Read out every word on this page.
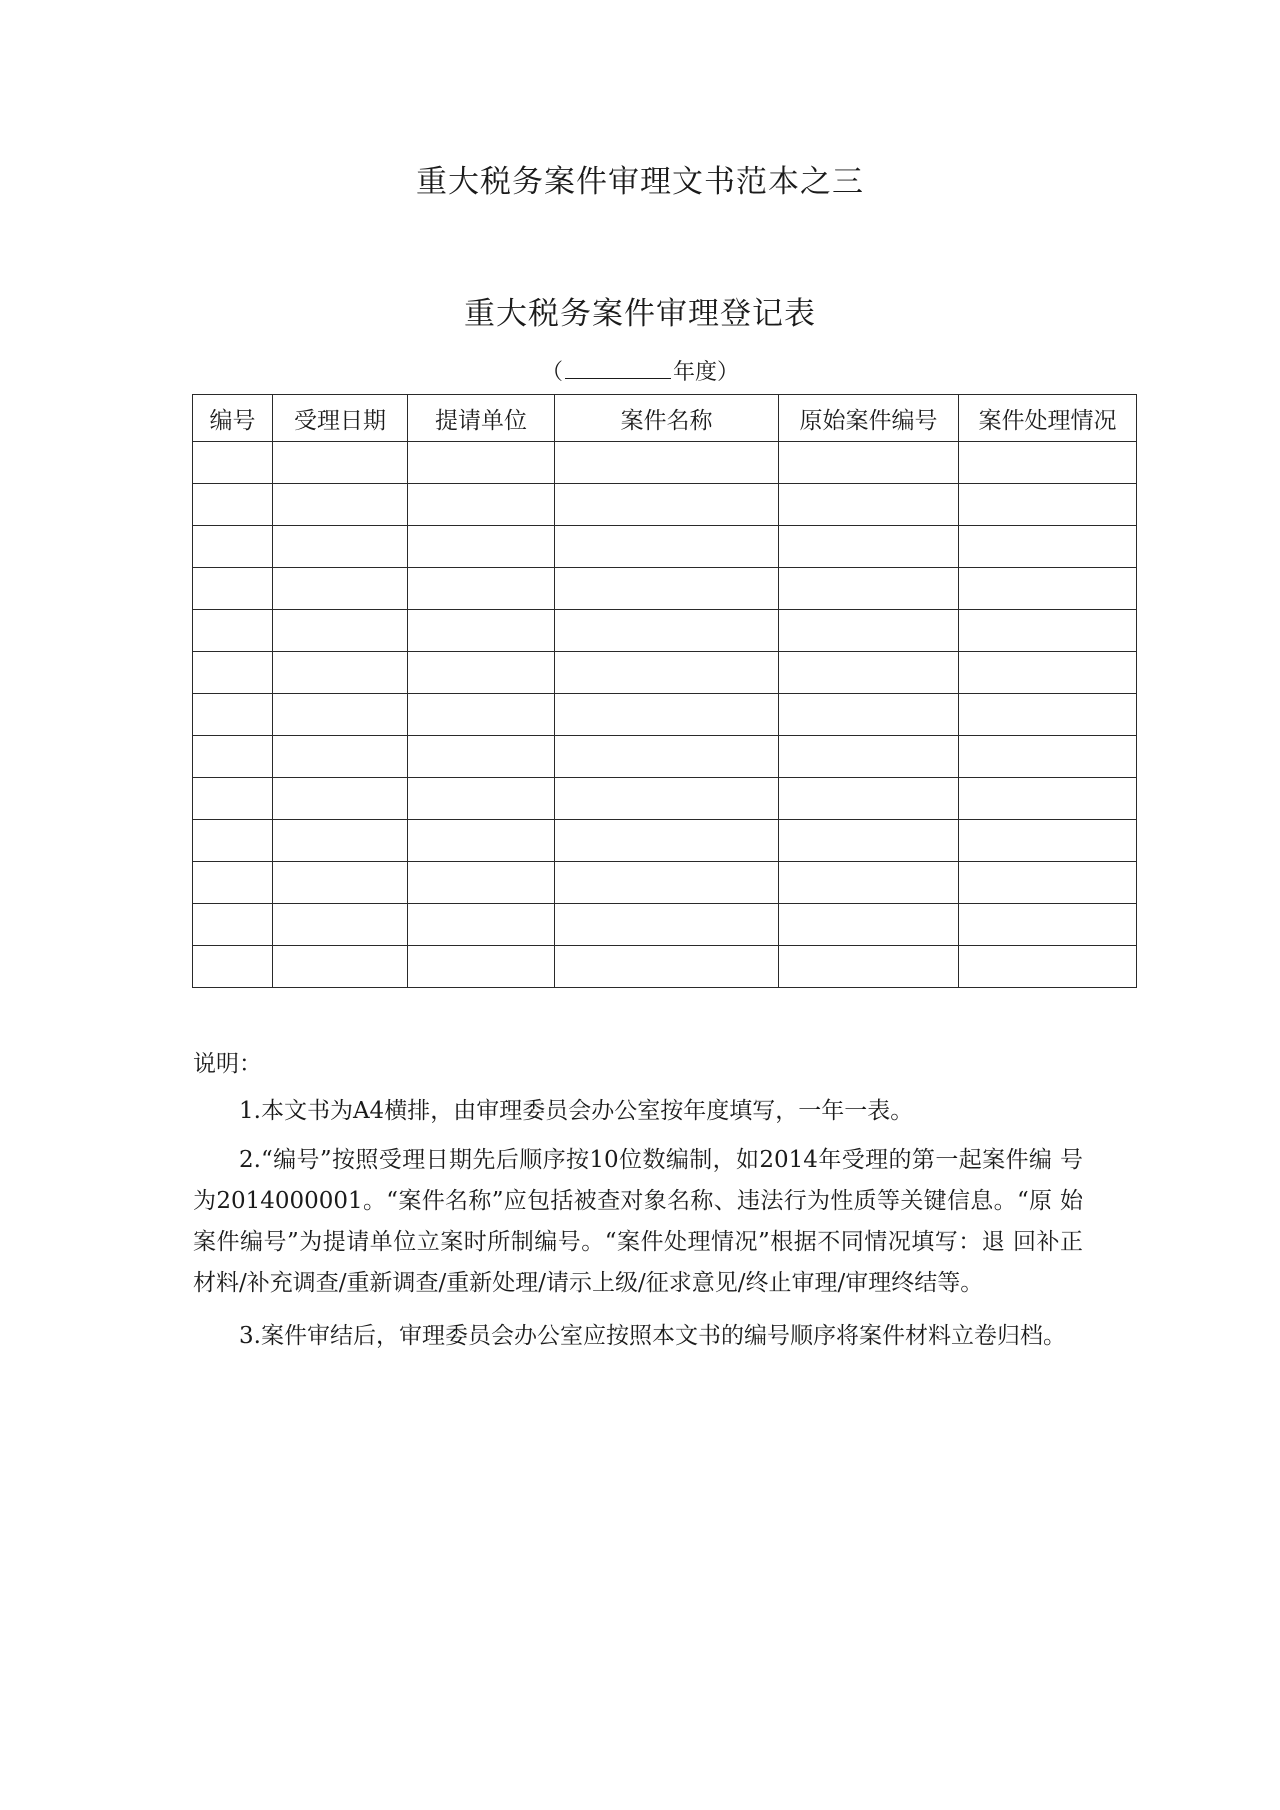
重大税务案件审理文书范本之三
重大税务案件审理登记表
（	年度）
编号	受理日期	提请单位	案件名称	原始案件编号	案件处理情况

说明：

1.本文书为A4横排，由审理委员会办公室按年度填写，一年一表。

2.“编号”按照受理日期先后顺序按10位数编制，如2014年受理的第一起案件编 号为2014000001。“案件名称”应包括被查对象名称、违法行为性质等关键信息。“原 始案件编号”为提请单位立案时所制编号。“案件处理情况”根据不同情况填写：退 回补正材料/补充调查/重新调查/重新处理/请示上级/征求意见/终止审理/审理终结等。

3.案件审结后，审理委员会办公室应按照本文书的编号顺序将案件材料立卷归档。
